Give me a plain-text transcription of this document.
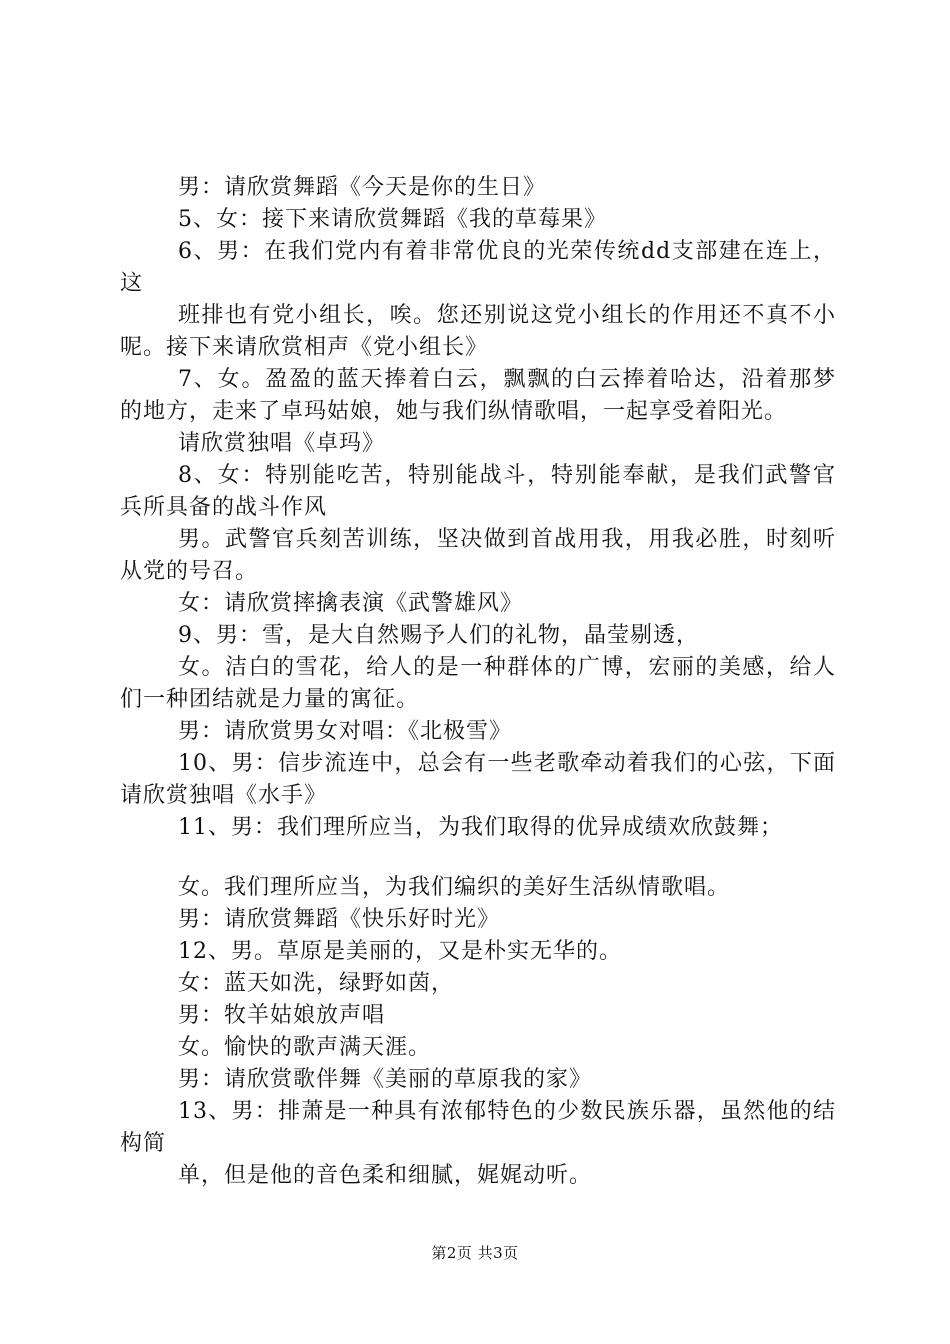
男：请欣赏舞蹈《今天是你的生日》

5、女：接下来请欣赏舞蹈《我的草莓果》

6、男：在我们党内有着非常优良的光荣传统dd支部建在连上，这

班排也有党小组长，唉。您还别说这党小组长的作用还不真不小呢。接下来请欣赏相声《党小组长》

7、女。盈盈的蓝天捧着白云，飘飘的白云捧着哈达，沿着那梦的地方，走来了卓玛姑娘，她与我们纵情歌唱，一起享受着阳光。

请欣赏独唱《卓玛》

8、女：特别能吃苦，特别能战斗，特别能奉献，是我们武警官兵所具备的战斗作风

男。武警官兵刻苦训练，坚决做到首战用我，用我必胜，时刻听从党的号召。

女：请欣赏摔擒表演《武警雄风》

9、男：雪，是大自然赐予人们的礼物，晶莹剔透，

女。洁白的雪花，给人的是一种群体的广博，宏丽的美感，给人们一种团结就是力量的寓征。

男：请欣赏男女对唱：《北极雪》

10、男：信步流连中，总会有一些老歌牵动着我们的心弦，下面请欣赏独唱《水手》

11、男：我们理所应当，为我们取得的优异成绩欢欣鼓舞；

女。我们理所应当，为我们编织的美好生活纵情歌唱。

男：请欣赏舞蹈《快乐好时光》

12、男。草原是美丽的，又是朴实无华的。

女：蓝天如洗，绿野如茵，

男：牧羊姑娘放声唱

女。愉快的歌声满天涯。

男：请欣赏歌伴舞《美丽的草原我的家》

13、男：排萧是一种具有浓郁特色的少数民族乐器，虽然他的结构简

单，但是他的音色柔和细腻，娓娓动听。

第2页 共3页
